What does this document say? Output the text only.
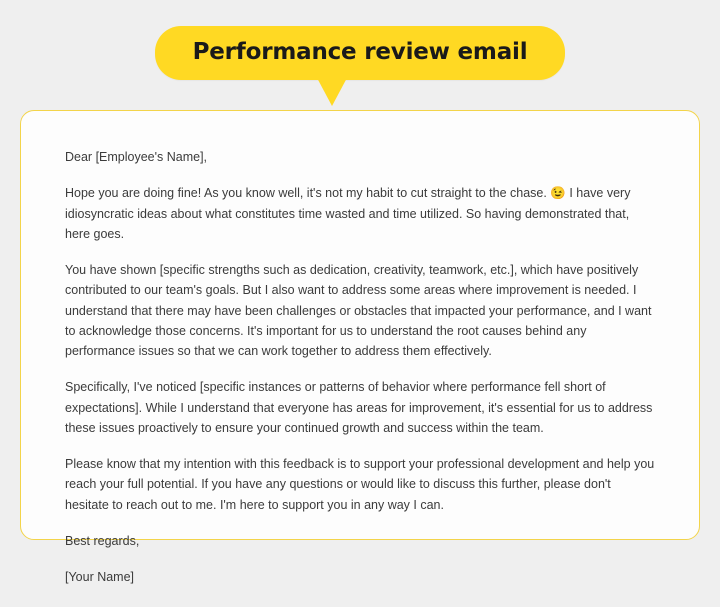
Performance review email

Dear [Employee's Name],

Hope you are doing fine! As you know well, it's not my habit to cut straight to the chase. 😉 I have very idiosyncratic ideas about what constitutes time wasted and time utilized. So having demonstrated that, here goes.

You have shown [specific strengths such as dedication, creativity, teamwork, etc.], which have positively contributed to our team's goals. But I also want to address some areas where improvement is needed. I understand that there may have been challenges or obstacles that impacted your performance, and I want to acknowledge those concerns. It's important for us to understand the root causes behind any performance issues so that we can work together to address them effectively.

Specifically, I've noticed [specific instances or patterns of behavior where performance fell short of expectations]. While I understand that everyone has areas for improvement, it's essential for us to address these issues proactively to ensure your continued growth and success within the team.

Please know that my intention with this feedback is to support your professional development and help you reach your full potential. If you have any questions or would like to discuss this further, please don't hesitate to reach out to me. I'm here to support you in any way I can.

Best regards,

[Your Name]
